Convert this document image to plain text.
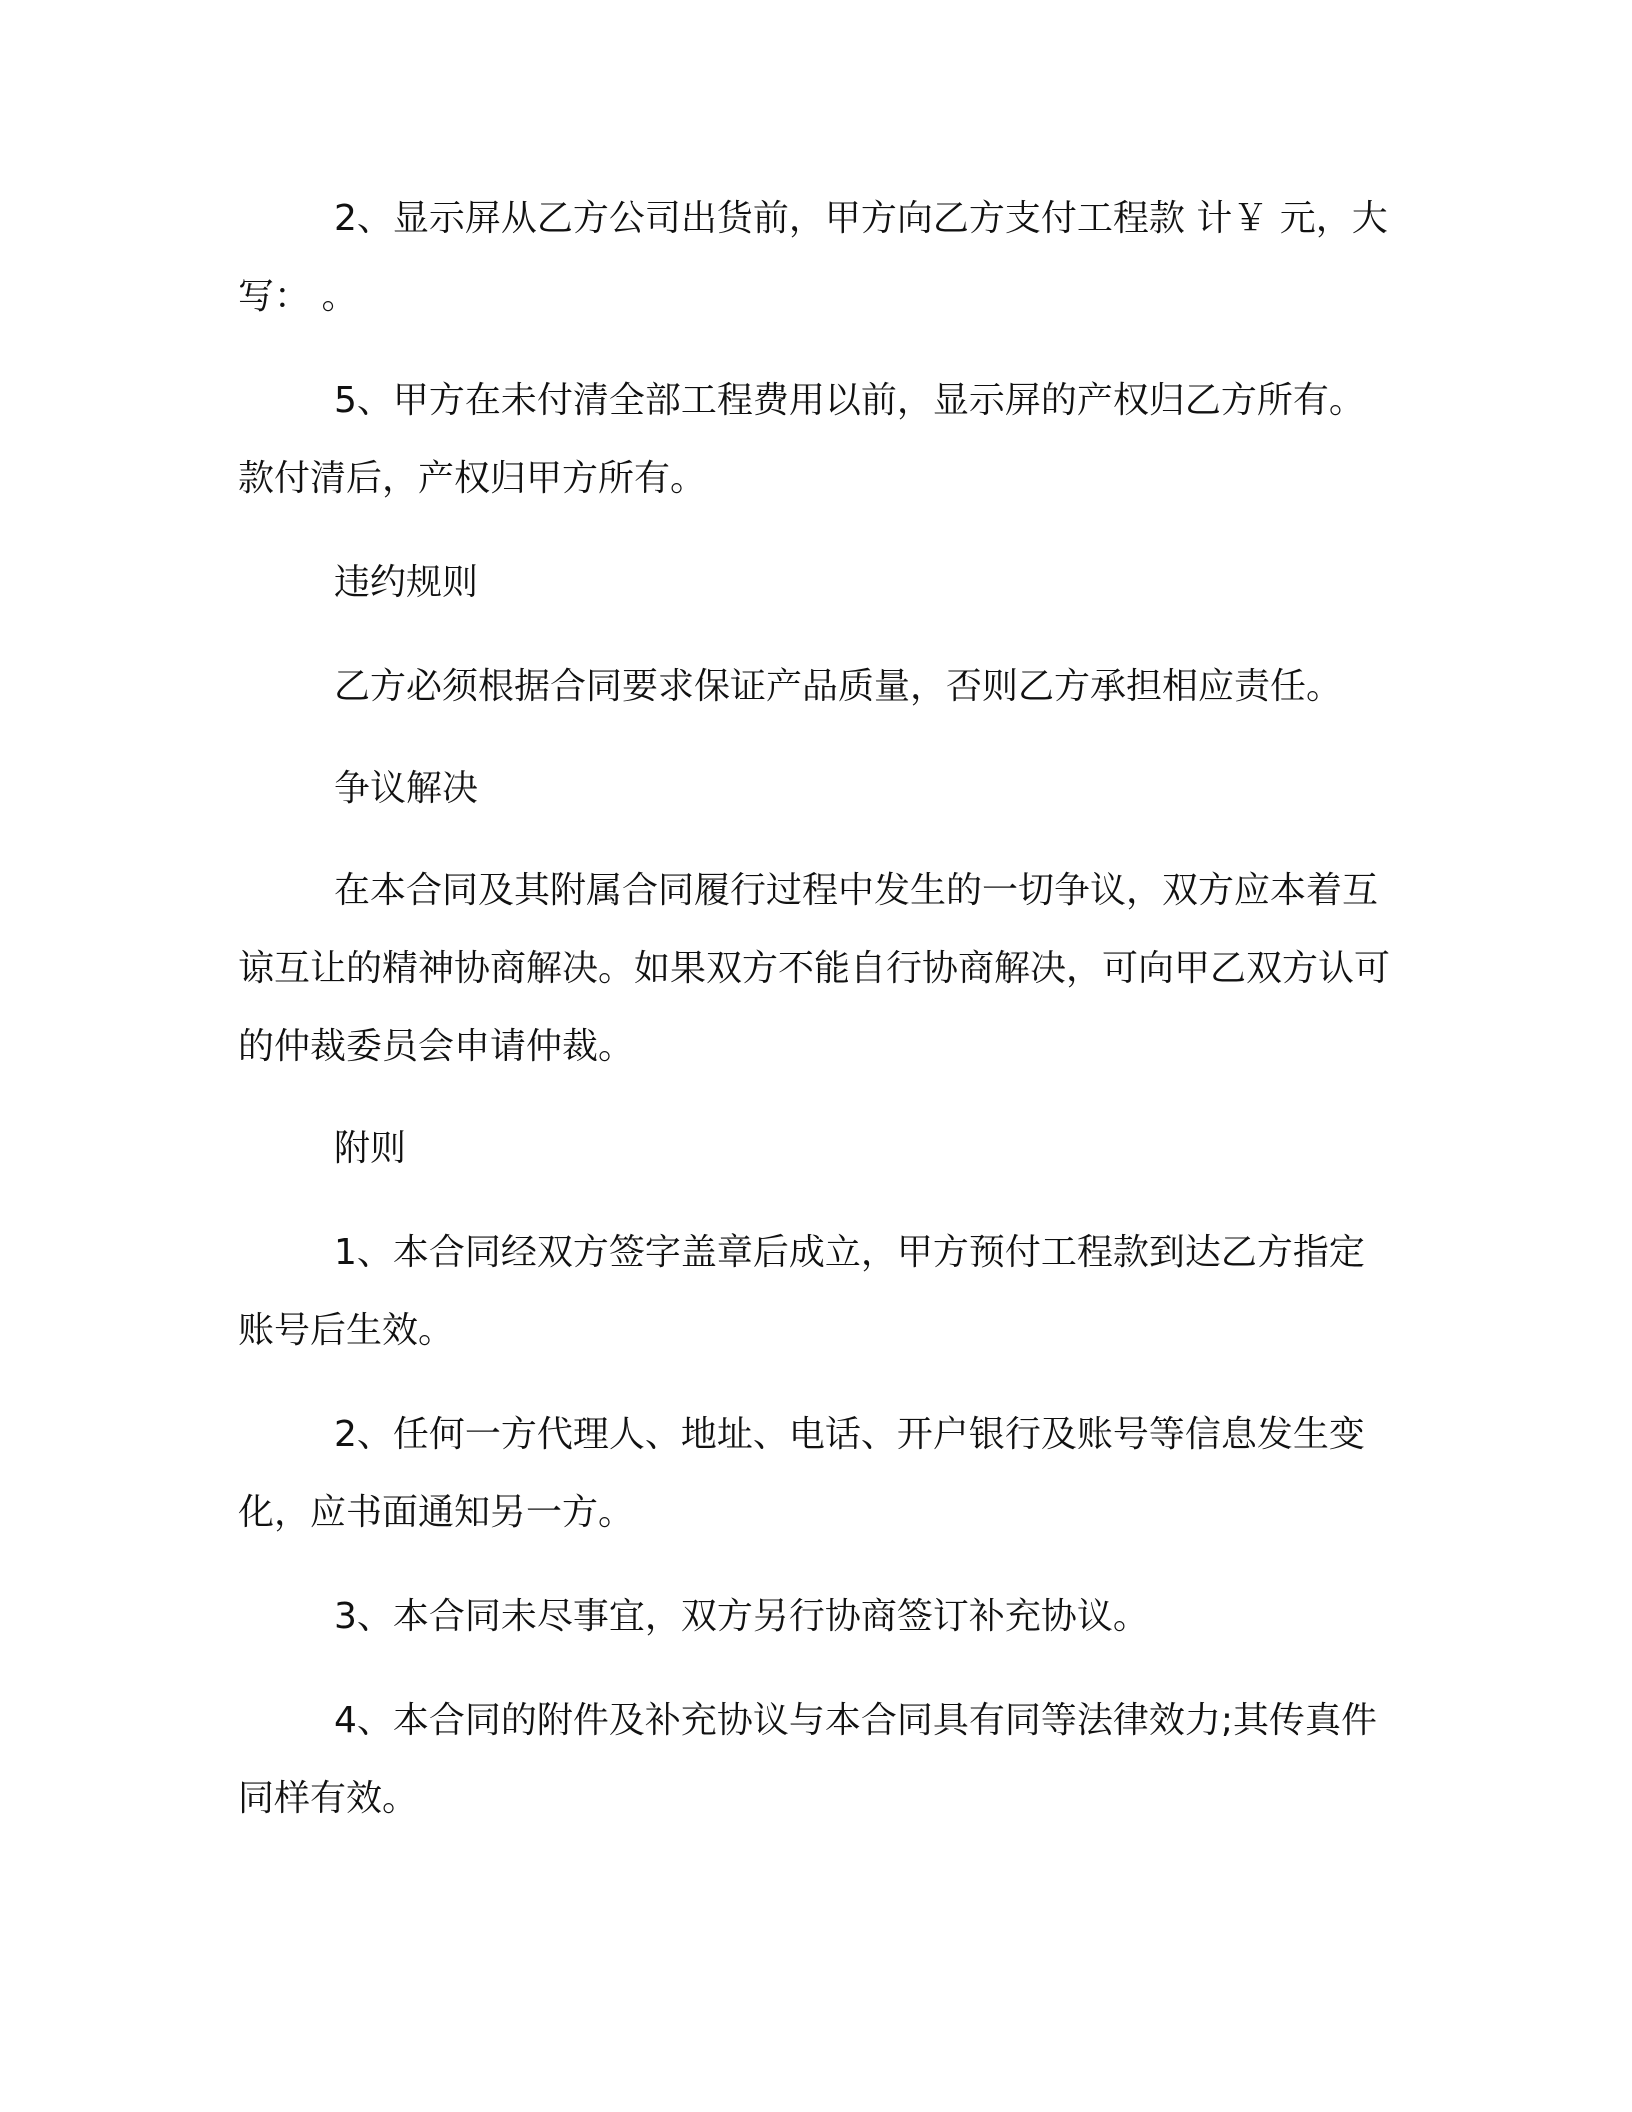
2、显示屏从乙方公司出货前，甲方向乙方支付工程款 计￥ 元，大写： 。

5、甲方在未付清全部工程费用以前，显示屏的产权归乙方所有。款付清后，产权归甲方所有。

违约规则

乙方必须根据合同要求保证产品质量，否则乙方承担相应责任。

争议解决

在本合同及其附属合同履行过程中发生的一切争议，双方应本着互谅互让的精神协商解决。如果双方不能自行协商解决，可向甲乙双方认可的仲裁委员会申请仲裁。

附则

1、本合同经双方签字盖章后成立，甲方预付工程款到达乙方指定账号后生效。

2、任何一方代理人、地址、电话、开户银行及账号等信息发生变化，应书面通知另一方。

3、本合同未尽事宜，双方另行协商签订补充协议。

4、本合同的附件及补充协议与本合同具有同等法律效力;其传真件同样有效。
